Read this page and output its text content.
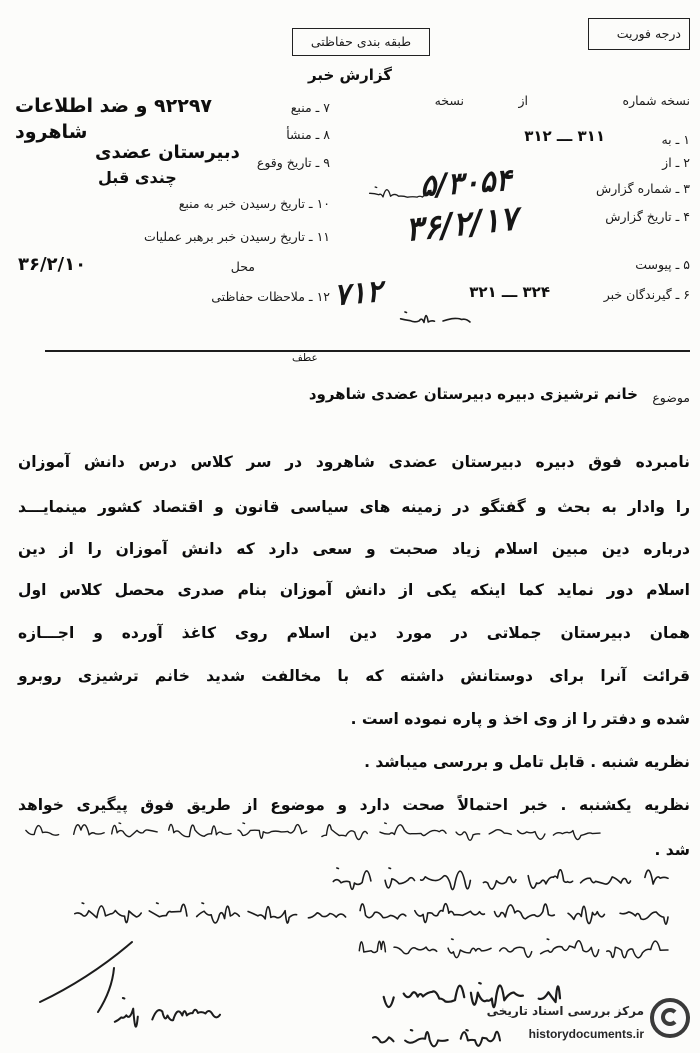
درجه فوریت
طبقه بندی حفاظتی
گزارش خبر
نسخه شماره
از
نسخه
۱ ـ به
۳۱۱ ـــ ۳۱۲
۲ ـ از
۳ ـ شماره گزارش
۵/۳۰۵۴
۴ ـ تاریخ گزارش
۳۶/۲/۱۷
۵ ـ پیوست
۶ ـ گیرندگان خبر
۳۲۴ ـــ ۳۲۱
۷۱۲
۷ ـ منبع
۹۲۲۹۷ و ضد اطلاعات
شاهرود	۸ ـ منشأ
دبیرستان عضدی ۹ ـ تاریخ وقوع
چندی قبل
۱۰ ـ تاریخ رسیدن خبر به منبع
۱۱ ـ تاریخ رسیدن خبر برهبر عملیات
محل
۳۶/۲/۱۰
۱۲ ـ ملاحظات حفاظتی
عطف
موضوع
خانم ترشیزی دبیره دبیرستان عضدی شاهرود
نامبرده فوق دبیره دبیرستان عضدی شاهرود در سر کلاس درس دانش آموزان
را وادار به بحث و گفتگو در زمینه های سیاسی قانون و اقتصاد کشور مینمایـــد
درباره دین مبین اسلام زیاد صحبت و سعی دارد که دانش آموزان را از دین
اسلام دور نماید کما اینکه یکی از دانش آموزان بنام صدری محصل کلاس اول
همان دبیرستان جملاتی در مورد دین اسلام روی کاغذ آورده و اجـــازه
قرائت آنرا برای دوستانش داشته که با مخالفت شدید خانم ترشیزی روبرو
شده و دفتر را از وی اخذ و پاره نموده است .
نظریه شنبه . قابل تامل و بررسی میباشد .
نظریه یکشنبه . خبر احتمالاً صحت دارد و موضوع از طریق فوق پیگیری خواهد
شد .
مرکز بررسی اسناد تاریخی
historydocuments.ir
